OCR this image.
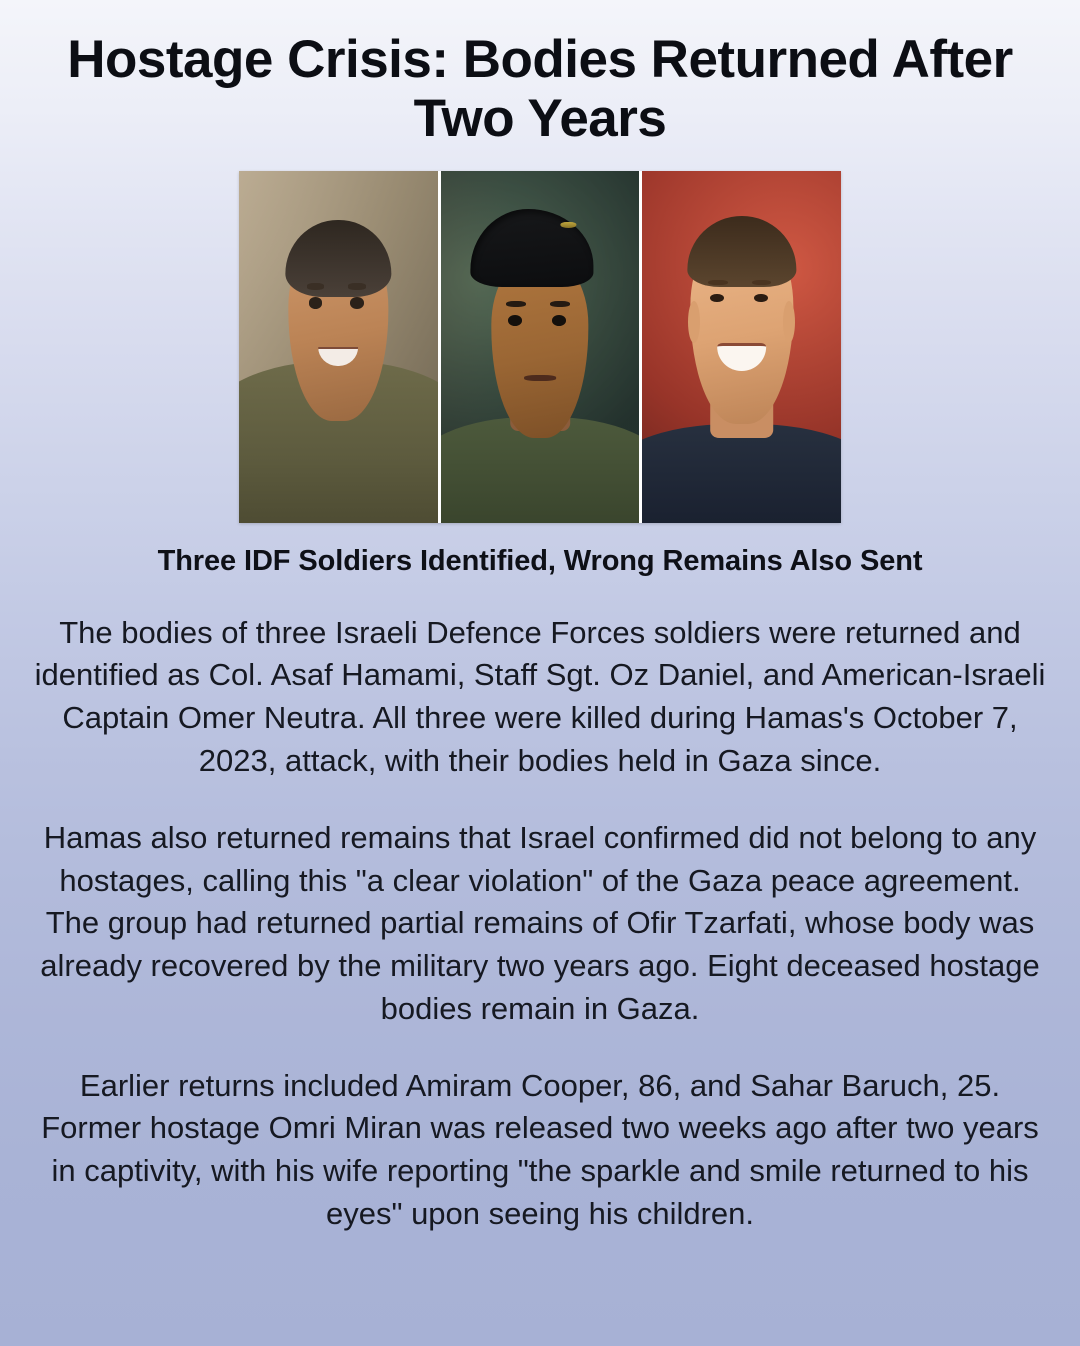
Hostage Crisis: Bodies Returned After Two Years
Three IDF Soldiers Identified, Wrong Remains Also Sent

The bodies of three Israeli Defence Forces soldiers were returned and identified as Col. Asaf Hamami, Staff Sgt. Oz Daniel, and American-Israeli Captain Omer Neutra. All three were killed during Hamas's October 7, 2023, attack, with their bodies held in Gaza since.

Hamas also returned remains that Israel confirmed did not belong to any hostages, calling this "a clear violation" of the Gaza peace agreement. The group had returned partial remains of Ofir Tzarfati, whose body was already recovered by the military two years ago. Eight deceased hostage bodies remain in Gaza.

Earlier returns included Amiram Cooper, 86, and Sahar Baruch, 25. Former hostage Omri Miran was released two weeks ago after two years in captivity, with his wife reporting "the sparkle and smile returned to his eyes" upon seeing his children.
